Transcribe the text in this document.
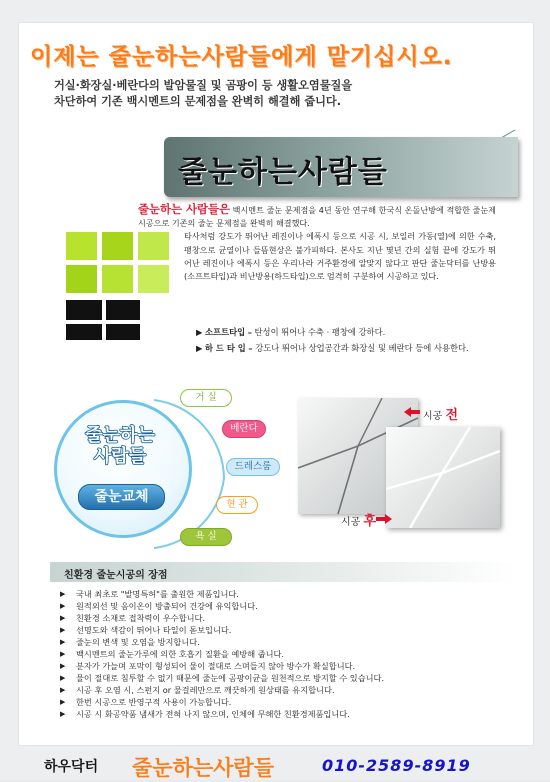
이제는 줄눈하는사람들에게 맡기십시오.
거실·화장실·베란다의 발암물질 및 곰팡이 등 생활오염물질을
차단하여 기존 백시멘트의 문제점을 완벽히 해결해 줍니다.
줄눈하는사람들
줄눈하는 사람들은 백시멘트 줄눈 문제점을 4년 동안 연구해 한국식 온돌난방에 적합한 줄눈제시공으로 기존의 줄눈 문제점을 완벽히 해결했다.
타사처럼 강도가 뛰어난 레진이나 에폭시 등으로 시공 시, 보일러 가동(열)에 의한 수축, 팽창으로 균열이나 들뜸현상은 불가피하다. 본사도 지난 몇년 간의 실험 끝에 강도가 뛰어난 레진이나 에폭시 등은 우리나라 거주환경에 알맞지 않다고 판단 줄눈닥터를 난방용 (소프트타입)과 비난방용(하드타입)으로 엄격히 구분하여 시공하고 있다.
▶ 소프트타입 – 탄성이 뛰어나 수축 · 팽창에 강하다.
▶ 하 드 타 입 –	강도나 뛰어나 상업공간과 화장실 및 베란다 등에 사용한다.
줄눈하는
사람들
줄눈교체
거 실
베란다
드레스룸
현 관
욕 실
시공 전
시공 후
친환경 줄눈시공의 장점
▶ 국내 최초로 "발명특허"를 출원한 제품입니다.
▶ 원적외선 및 음이온이 방출되어 건강에 유익합니다.
▶ 친환경 소재로 접착력이 우수합니다.
▶ 선명도와 색감이 뛰어나 타일이 돋보입니다.
▶ 줄눈의 변색 및 오염을 방지합니다.
▶ 백시멘트의 줄눈가루에 의한 호흡기 질환을 예방해 줍니다.
▶ 분자가 가늘며 포막이 형성되어 물이 절대로 스며들지 않아 방수가 확실합니다.
▶ 물이 절대로 침투할 수 없기 때문에 줄눈에 곰팡이균을 원천적으로 방지할 수 있습니다.
▶ 시공 후 오염 시, 스펀지 or 물걸레만으로 깨끗하게 원상태를 유지합니다.
▶ 한번 시공으로 반영구적 사용이 가능합니다.
▶ 시공 시 화공약품 냄새가 전혀 나지 않으며, 인체에 무해한 친환경제품입니다.
하우닥터 줄눈하는사람들	010-2589-8919
